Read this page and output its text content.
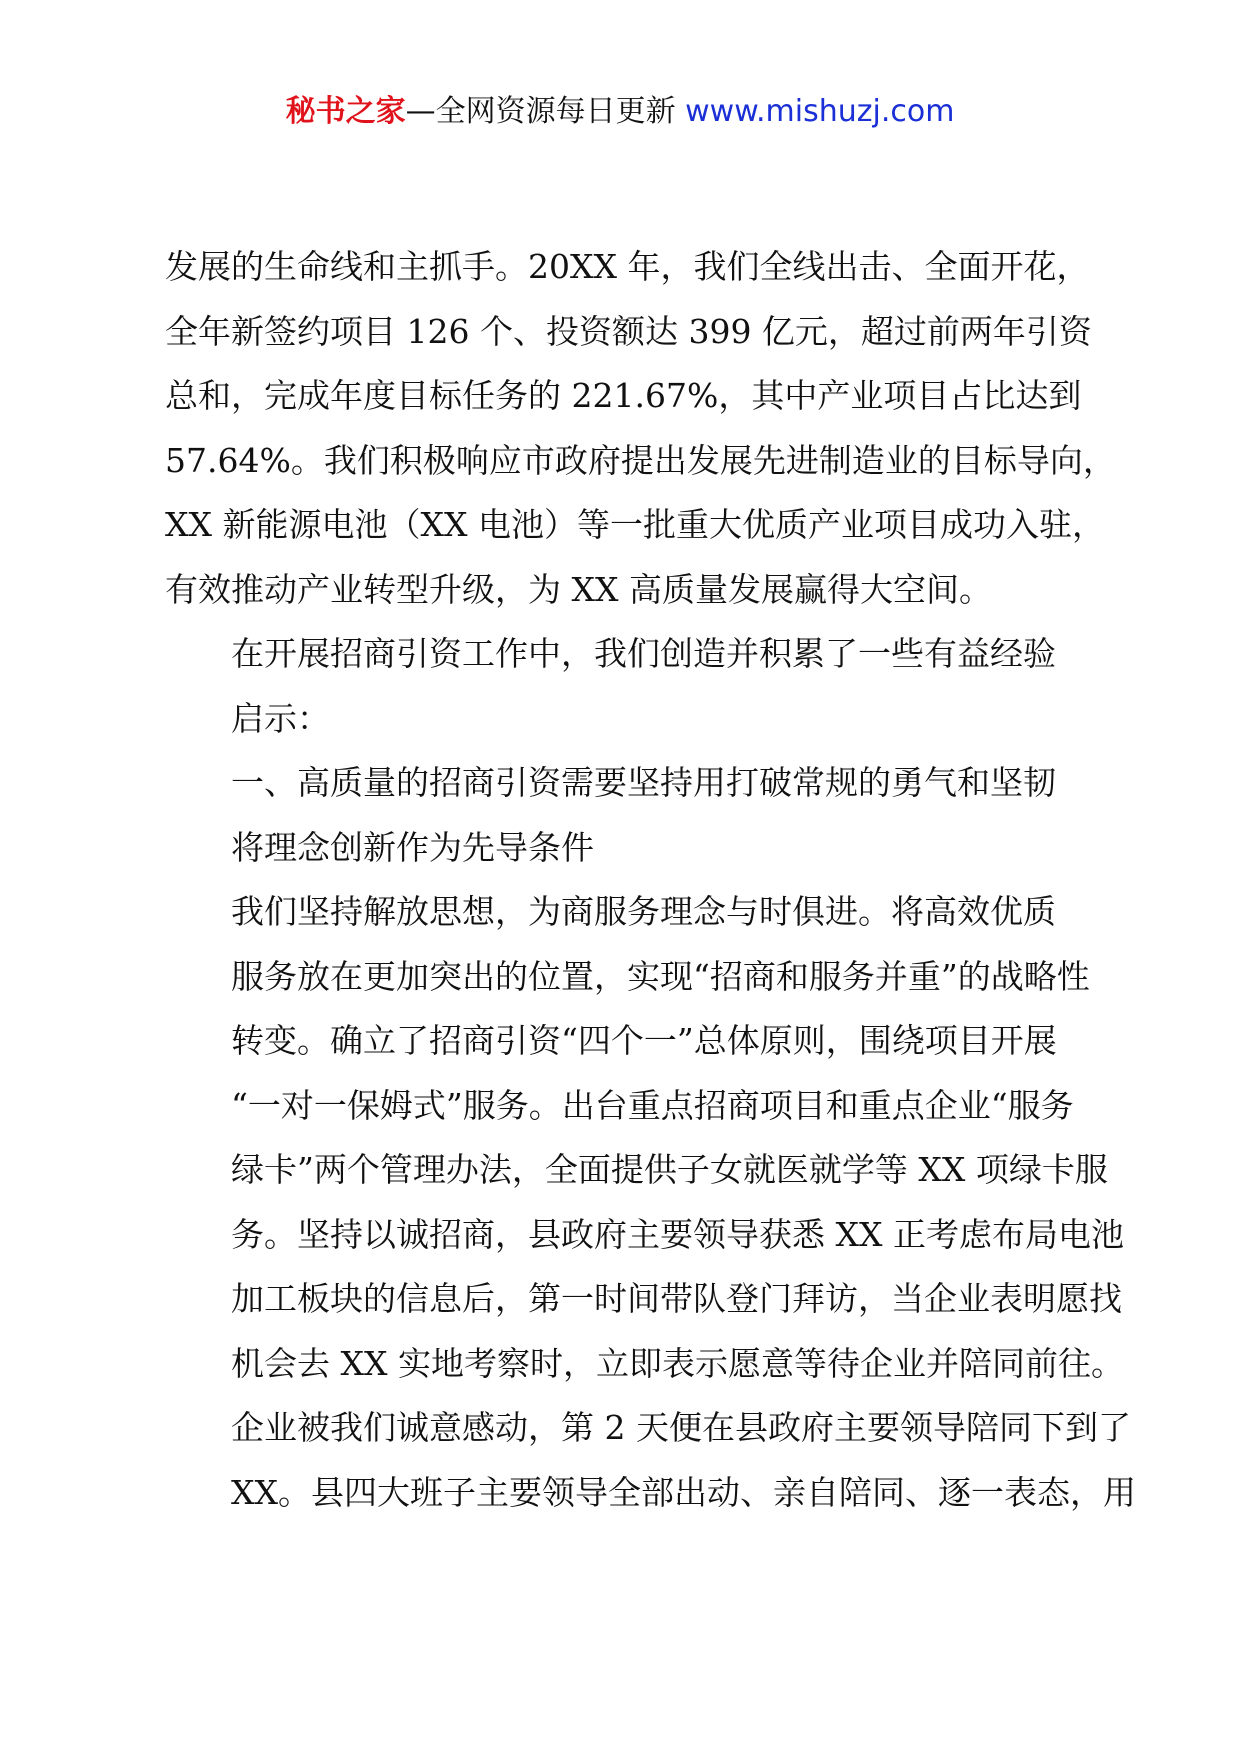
秘书之家—全网资源每日更新 www.mishuzj.com

发展的生命线和主抓手。20XX 年，我们全线出击、全面开花，
全年新签约项目 126 个、投资额达 399 亿元，超过前两年引资
总和，完成年度目标任务的 221.67%，其中产业项目占比达到
57.64%。我们积极响应市政府提出发展先进制造业的目标导向，
XX 新能源电池（XX 电池）等一批重大优质产业项目成功入驻，
有效推动产业转型升级，为 XX 高质量发展赢得大空间。

在开展招商引资工作中，我们创造并积累了一些有益经验
启示：

一、高质量的招商引资需要坚持用打破常规的勇气和坚韧
将理念创新作为先导条件

我们坚持解放思想，为商服务理念与时俱进。将高效优质
服务放在更加突出的位置，实现“招商和服务并重”的战略性
转变。确立了招商引资“四个一”总体原则，围绕项目开展
“一对一保姆式”服务。出台重点招商项目和重点企业“服务
绿卡”两个管理办法，全面提供子女就医就学等 XX 项绿卡服
务。坚持以诚招商，县政府主要领导获悉 XX 正考虑布局电池
加工板块的信息后，第一时间带队登门拜访，当企业表明愿找
机会去 XX 实地考察时，立即表示愿意等待企业并陪同前往。
企业被我们诚意感动，第 2 天便在县政府主要领导陪同下到了
XX。县四大班子主要领导全部出动、亲自陪同、逐一表态，用
